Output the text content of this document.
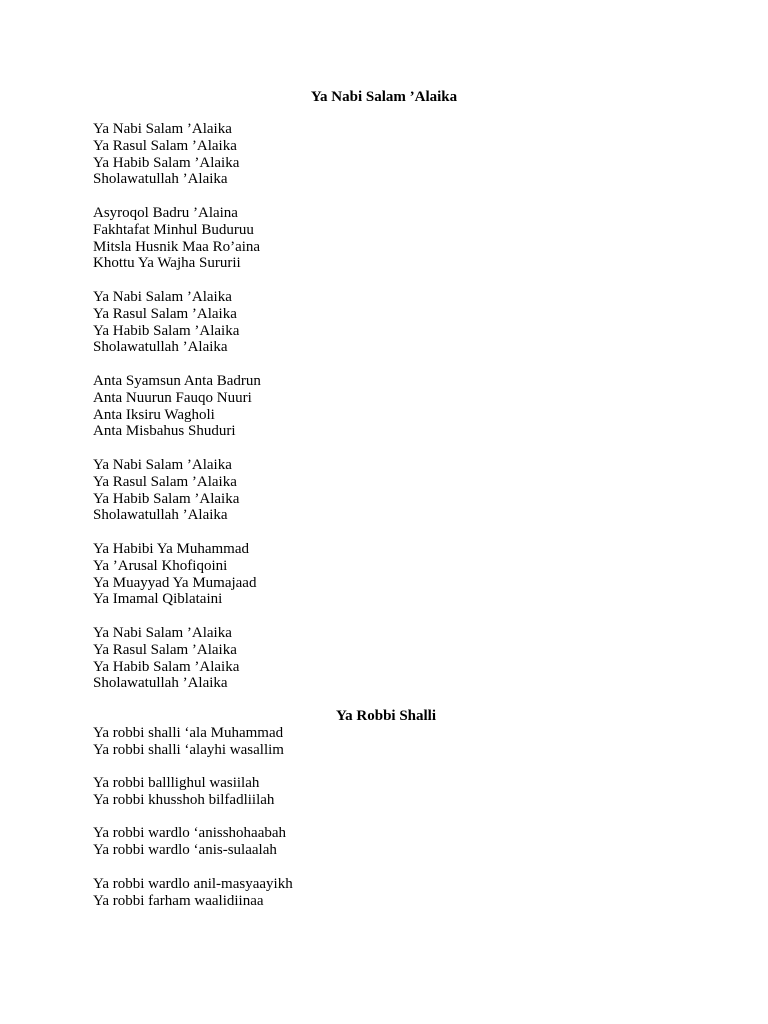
Ya Nabi Salam ’Alaika
Ya Nabi Salam ’Alaika
Ya Rasul Salam ’Alaika
Ya Habib Salam ’Alaika
Sholawatullah ’Alaika
Asyroqol Badru ’Alaina
Fakhtafat Minhul Buduruu
Mitsla Husnik Maa Ro’aina
Khottu Ya Wajha Sururii
Ya Nabi Salam ’Alaika
Ya Rasul Salam ’Alaika
Ya Habib Salam ’Alaika
Sholawatullah ’Alaika
Anta Syamsun Anta Badrun
Anta Nuurun Fauqo Nuuri
Anta Iksiru Wagholi
Anta Misbahus Shuduri
Ya Nabi Salam ’Alaika
Ya Rasul Salam ’Alaika
Ya Habib Salam ’Alaika
Sholawatullah ’Alaika
Ya Habibi Ya Muhammad
Ya ’Arusal Khofiqoini
Ya Muayyad Ya Mumajaad
Ya Imamal Qiblataini
Ya Nabi Salam ’Alaika
Ya Rasul Salam ’Alaika
Ya Habib Salam ’Alaika
Sholawatullah ’Alaika
Ya Robbi Shalli
Ya robbi shalli ‘ala Muhammad
Ya robbi shalli ‘alayhi wasallim
Ya robbi balllighul wasiilah
Ya robbi khusshoh bilfadliilah
Ya robbi wardlo ‘anisshohaabah
Ya robbi wardlo ‘anis-sulaalah
Ya robbi wardlo anil-masyaayikh
Ya robbi farham waalidiinaa
